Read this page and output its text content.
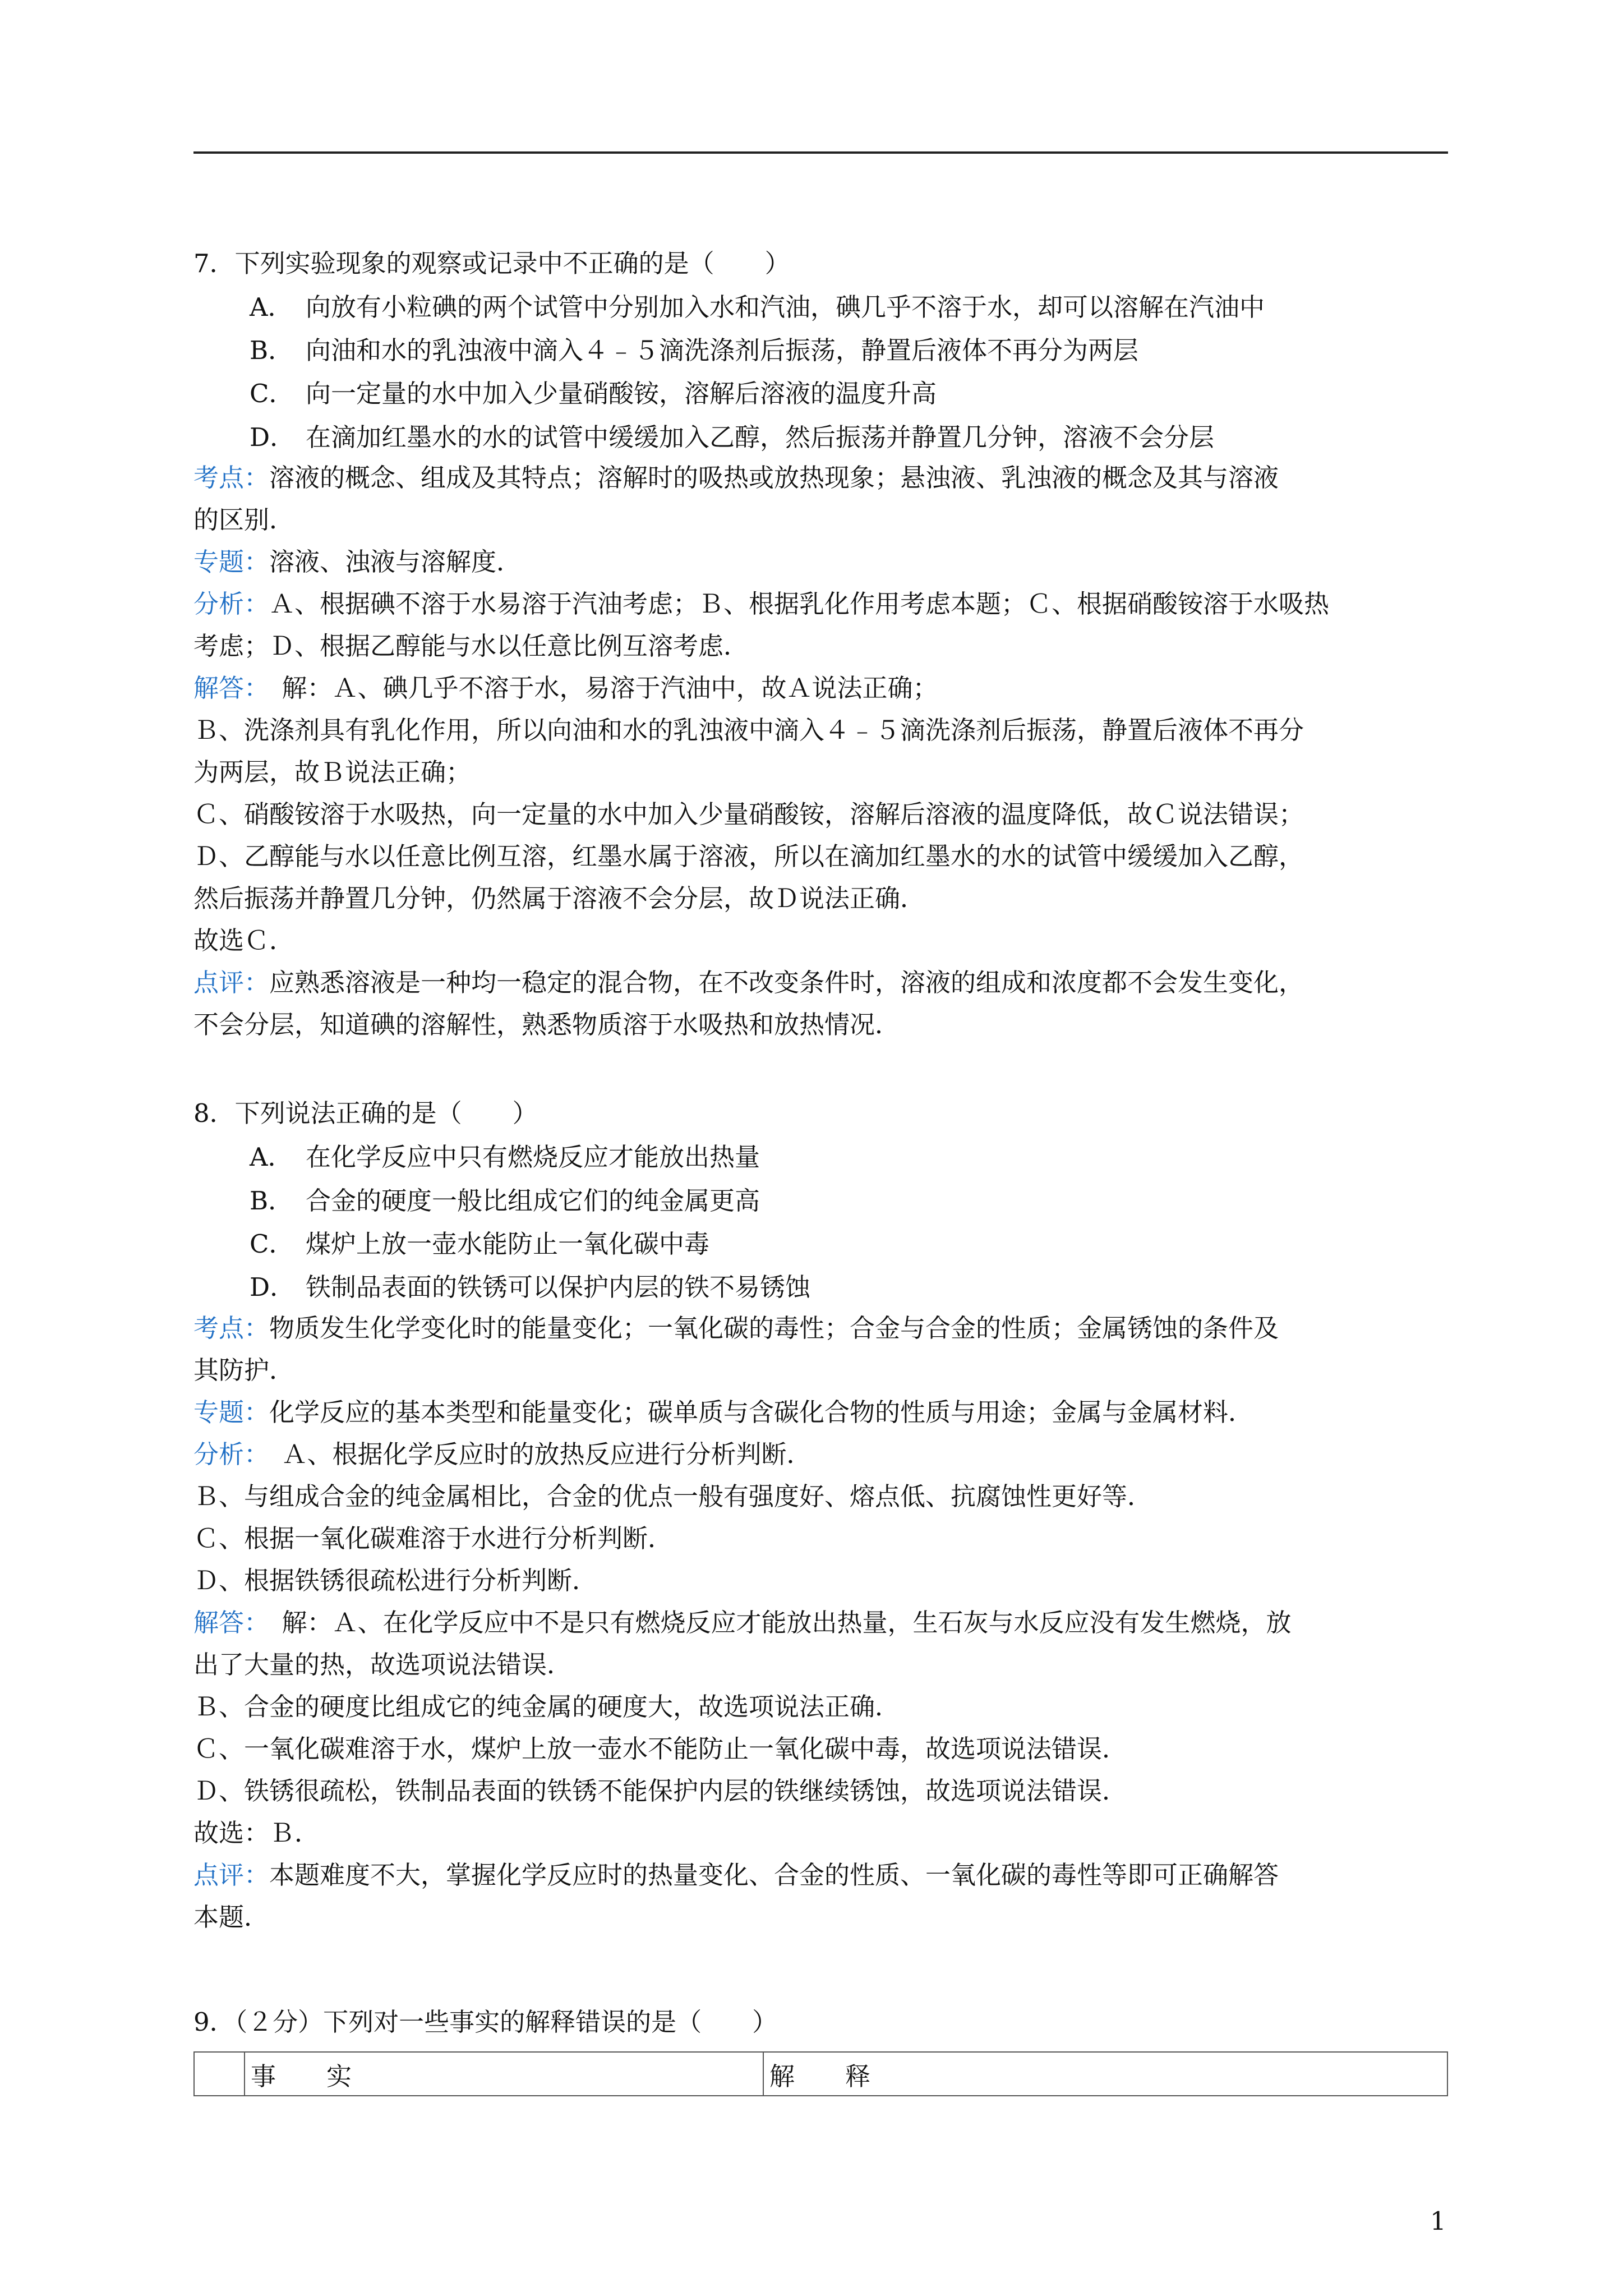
7．下列实验现象的观察或记录中不正确的是（　　）
A． 向放有小粒碘的两个试管中分别加入水和汽油，碘几乎不溶于水，却可以溶解在汽油中
B． 向油和水的乳浊液中滴入４﹣５滴洗涤剂后振荡，静置后液体不再分为两层
C． 向一定量的水中加入少量硝酸铵，溶解后溶液的温度升高
D． 在滴加红墨水的水的试管中缓缓加入乙醇，然后振荡并静置几分钟，溶液不会分层
考点：溶液的概念、组成及其特点；溶解时的吸热或放热现象；悬浊液、乳浊液的概念及其与溶液
的区别．
专题：溶液、浊液与溶解度．
分析：Ａ、根据碘不溶于水易溶于汽油考虑；Ｂ、根据乳化作用考虑本题；Ｃ、根据硝酸铵溶于水吸热
考虑；Ｄ、根据乙醇能与水以任意比例互溶考虑．
解答：　解：Ａ、碘几乎不溶于水，易溶于汽油中，故Ａ说法正确；
Ｂ、洗涤剂具有乳化作用，所以向油和水的乳浊液中滴入４﹣５滴洗涤剂后振荡，静置后液体不再分
为两层，故Ｂ说法正确；
Ｃ、硝酸铵溶于水吸热，向一定量的水中加入少量硝酸铵，溶解后溶液的温度降低，故Ｃ说法错误；
Ｄ、乙醇能与水以任意比例互溶，红墨水属于溶液，所以在滴加红墨水的水的试管中缓缓加入乙醇，
然后振荡并静置几分钟，仍然属于溶液不会分层，故Ｄ说法正确．
故选Ｃ．
点评：应熟悉溶液是一种均一稳定的混合物，在不改变条件时，溶液的组成和浓度都不会发生变化，
不会分层，知道碘的溶解性，熟悉物质溶于水吸热和放热情况．
8．下列说法正确的是（　　）
A． 在化学反应中只有燃烧反应才能放出热量
B． 合金的硬度一般比组成它们的纯金属更高
C． 煤炉上放一壶水能防止一氧化碳中毒
D． 铁制品表面的铁锈可以保护内层的铁不易锈蚀
考点：物质发生化学变化时的能量变化；一氧化碳的毒性；合金与合金的性质；金属锈蚀的条件及
其防护．
专题：化学反应的基本类型和能量变化；碳单质与含碳化合物的性质与用途；金属与金属材料．
分析：　Ａ、根据化学反应时的放热反应进行分析判断．
Ｂ、与组成合金的纯金属相比，合金的优点一般有强度好、熔点低、抗腐蚀性更好等．
Ｃ、根据一氧化碳难溶于水进行分析判断．
Ｄ、根据铁锈很疏松进行分析判断．
解答：　解：Ａ、在化学反应中不是只有燃烧反应才能放出热量，生石灰与水反应没有发生燃烧，放
出了大量的热，故选项说法错误．
Ｂ、合金的硬度比组成它的纯金属的硬度大，故选项说法正确．
Ｃ、一氧化碳难溶于水，煤炉上放一壶水不能防止一氧化碳中毒，故选项说法错误．
Ｄ、铁锈很疏松，铁制品表面的铁锈不能保护内层的铁继续锈蚀，故选项说法错误．
故选：Ｂ．
点评：本题难度不大，掌握化学反应时的热量变化、合金的性质、一氧化碳的毒性等即可正确解答
本题．
9．（２分）下列对一些事实的解释错误的是（　　）
	事　　实	解　　释
1
